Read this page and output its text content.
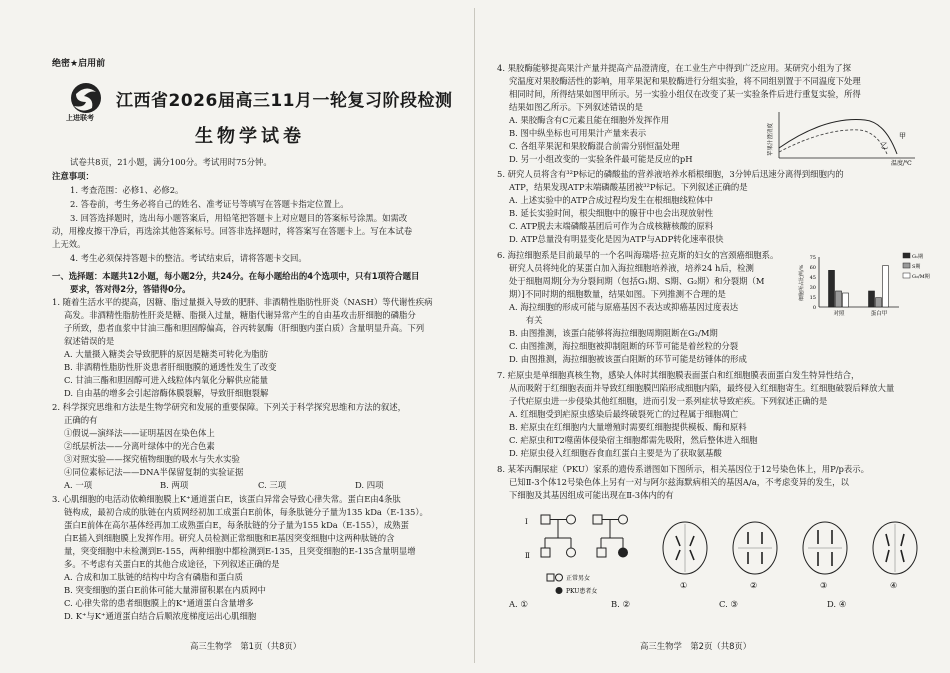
绝密★启用前
上进联考
江西省2026届高三11月一轮复习阶段检测
生物学试卷
试卷共8页，21小题，满分100分。考试用时75分钟。
注意事项：
1. 考查范围：必修1、必修2。
2. 答卷前，考生务必将自己的姓名、准考证号等填写在答题卡指定位置上。
3. 回答选择题时，选出每小题答案后，用铅笔把答题卡上对应题目的答案标号涂黑。如需改
动，用橡皮擦干净后，再选涂其他答案标号。回答非选择题时，将答案写在答题卡上。写在本试卷
上无效。
4. 考生必须保持答题卡的整洁。考试结束后，请将答题卡交回。
一、选择题：本题共12小题，每小题2分，共24分。在每小题给出的4个选项中，只有1项符合题目
要求，答对得2分，答错得0分。
1. 随着生活水平的提高，因糖、脂过量摄入导致的肥胖、非酒精性脂肪性肝炎（NASH）等代谢性疾病
高发。非酒精性脂肪性肝炎是糖、脂摄入过量，糖脂代谢异常产生的自由基攻击肝细胞的磷脂分
子所致，患者血浆中甘油三酯和胆固醇偏高，谷丙转氨酶（肝细胞内蛋白质）含量明显升高。下列
叙述错误的是
A. 大量摄入糖类会导致肥胖的原因是糖类可转化为脂肪
B. 非酒精性脂肪性肝炎患者肝细胞膜的通透性发生了改变
C. 甘油三酯和胆固醇可进入线粒体内氧化分解供应能量
D. 自由基的增多会引起溶酶体膜裂解，导致肝细胞裂解
2. 科学探究思维和方法是生物学研究和发展的重要保障。下列关于科学探究思维和方法的叙述，
正确的有
①假说—演绎法——证明基因在染色体上
②纸层析法——分离叶绿体中的光合色素
③对照实验——探究植物细胞的吸水与失水实验
④同位素标记法——DNA半保留复制的实验证据
A. 一项	B. 两项	C. 三项	D. 四项
3. 心肌细胞的电活动依赖细胞膜上K⁺通道蛋白E，该蛋白异常会导致心律失常。蛋白E由4条肽
链构成，最初合成的肽链在内质网经初加工成蛋白E前体，每条肽链分子量为135 kDa（E-135）。
蛋白E前体在高尔基体经再加工成熟蛋白E，每条肽链的分子量为155 kDa（E-155），成熟蛋
白E插入到细胞膜上发挥作用。研究人员检测正常细胞和E基因突变细胞中这两种肽链的含
量，突变细胞中未检测到E-155，两种细胞中都检测到E-135，且突变细胞的E-135含量明显增
多。不考虑有关蛋白E的其他合成途径，下列叙述正确的是
A. 合成和加工肽链的结构中均含有磷脂和蛋白质
B. 突变细胞的蛋白E前体可能大量滞留积累在内质网中
C. 心律失常的患者细胞膜上的K⁺通道蛋白含量增多
D. K⁺与K⁺通道蛋白结合后顺浓度梯度运出心肌细胞
高三生物学　第1页（共8页）
4. 果胶酶能够提高果汁产量并提高产品澄清度，在工业生产中得到广泛应用。某研究小组为了探
究温度对果胶酶活性的影响，用苹果泥和果胶酶进行分组实验，将不同组别置于不同温度下处理
相同时间，所得结果如图甲所示。另一实验小组仅在改变了某一实验条件后进行重复实验，所得
结果如图乙所示。下列叙述错误的是
A. 果胶酶含有C元素且能在细胞外发挥作用
B. 图中纵坐标也可用果汁产量来表示
C. 各组苹果泥和果胶酶混合前需分别恒温处理
D. 另一小组改变的一实验条件最可能是反应的pH
甲
乙
温度/℃
苹果汁澄清度
5. 研究人员将含有³²P标记的磷酸盐的营养液培养水稻根细胞，3分钟后迅速分离得到细胞内的
ATP，结果发现ATP末端磷酸基团被³²P标记。下列叙述正确的是
A. 上述实验中的ATP合成过程均发生在根细胞线粒体中
B. 延长实验时间，根尖细胞中的腺苷中也会出现放射性
C. ATP脱去末端磷酸基团后可作为合成核糖核酸的原料
D. ATP总量没有明显变化是因为ATP与ADP转化速率很快
6. 海拉细胞系是目前最早的一个名叫海瑞塔·拉克斯的妇女的宫颈癌细胞系。
研究人员将纯化的某蛋白加入海拉细胞培养液，培养24 h后，检测
处于细胞周期[分为分裂间期（包括G₁期、S期、G₂期）和分裂期（M
期）]不同时期的细胞数量，结果如图。下列推测不合理的是
A. 海拉细胞的形成可能与原癌基因不表达或抑癌基因过度表达
　　有关
B. 由图推测，该蛋白能够将海拉细胞周期阻断在G₂/M期
C. 由图推测，海拉细胞被抑制阻断的环节可能是着丝粒的分裂
D. 由图推测，海拉细胞被该蛋白阻断的环节可能是纺锤体的形成
0
15
30
45
60
75
细胞所占比例/%
对照	蛋白甲
G₁期
S期
G₂/M期
7. 疟原虫是单细胞真核生物，感染人体时其细胞膜表面蛋白和红细胞膜表面蛋白发生特异性结合，
从而吸附于红细胞表面并导致红细胞膜凹陷形成细胞内陷，最终侵入红细胞寄生。红细胞破裂后释放大量
子代疟原虫进一步侵染其他红细胞，进而引发一系列症状导致疟疾。下列叙述正确的是
A. 红细胞受到疟原虫感染后最终破裂死亡的过程属于细胞凋亡
B. 疟原虫在红细胞内大量增殖时需要红细胞提供模板、酶和原料
C. 疟原虫和T2噬菌体侵染宿主细胞都需先吸附，然后整体进入细胞
D. 疟原虫侵入红细胞吞食血红蛋白主要是为了获取氨基酸
8. 某苯丙酮尿症（PKU）家系的遗传系谱图如下图所示，相关基因位于12号染色体上，用P/p表示。
已知Ⅱ-3个体12号染色体上另有一对与阿尔兹海默病相关的基因A/a，不考虑变异的发生，以
下细胞及其基因组成可能出现在Ⅱ-3体内的有
Ⅰ
Ⅱ
正常男女
PKU患者女
①	②	③	④
A. ①	B. ②	C. ③	D. ④
高三生物学　第2页（共8页）
